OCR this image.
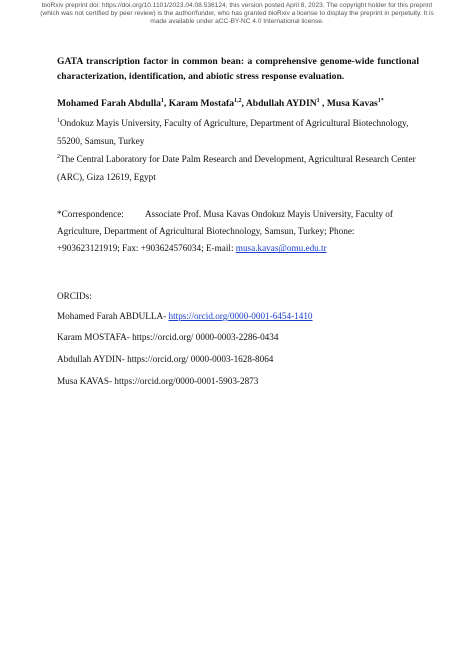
bioRxiv preprint doi: https://doi.org/10.1101/2023.04.08.536124; this version posted April 8, 2023. The copyright holder for this preprint
(which was not certified by peer review) is the author/funder, who has granted bioRxiv a license to display the preprint in perpetuity. It is
made available under aCC-BY-NC 4.0 International license.
GATA transcription factor in common bean: a comprehensive genome-wide functional characterization, identification, and abiotic stress response evaluation.
Mohamed Farah Abdulla$^1$, Karam Mostafa$^{1,2}$, Abdullah AYDIN$^1$ , Musa Kavas$^{1*}$
$^1$Ondokuz Mayis University, Faculty of Agriculture, Department of Agricultural Biotechnology, 55200, Samsun, Turkey
$^2$The Central Laboratory for Date Palm Research and Development, Agricultural Research Center (ARC), Giza 12619, Egypt
*Correspondence: Associate Prof. Musa Kavas Ondokuz Mayis University, Faculty of Agriculture, Department of Agricultural Biotechnology, Samsun, Turkey; Phone: +903623121919; Fax: +903624576034; E-mail: musa.kavas@omu.edu.tr
ORCIDs:
Mohamed Farah ABDULLA- https://orcid.org/0000-0001-6454-1410
Karam MOSTAFA- https://orcid.org/ 0000-0003-2286-0434
Abdullah AYDIN- https://orcid.org/ 0000-0003-1628-8064
Musa KAVAS- https://orcid.org/0000-0001-5903-2873
